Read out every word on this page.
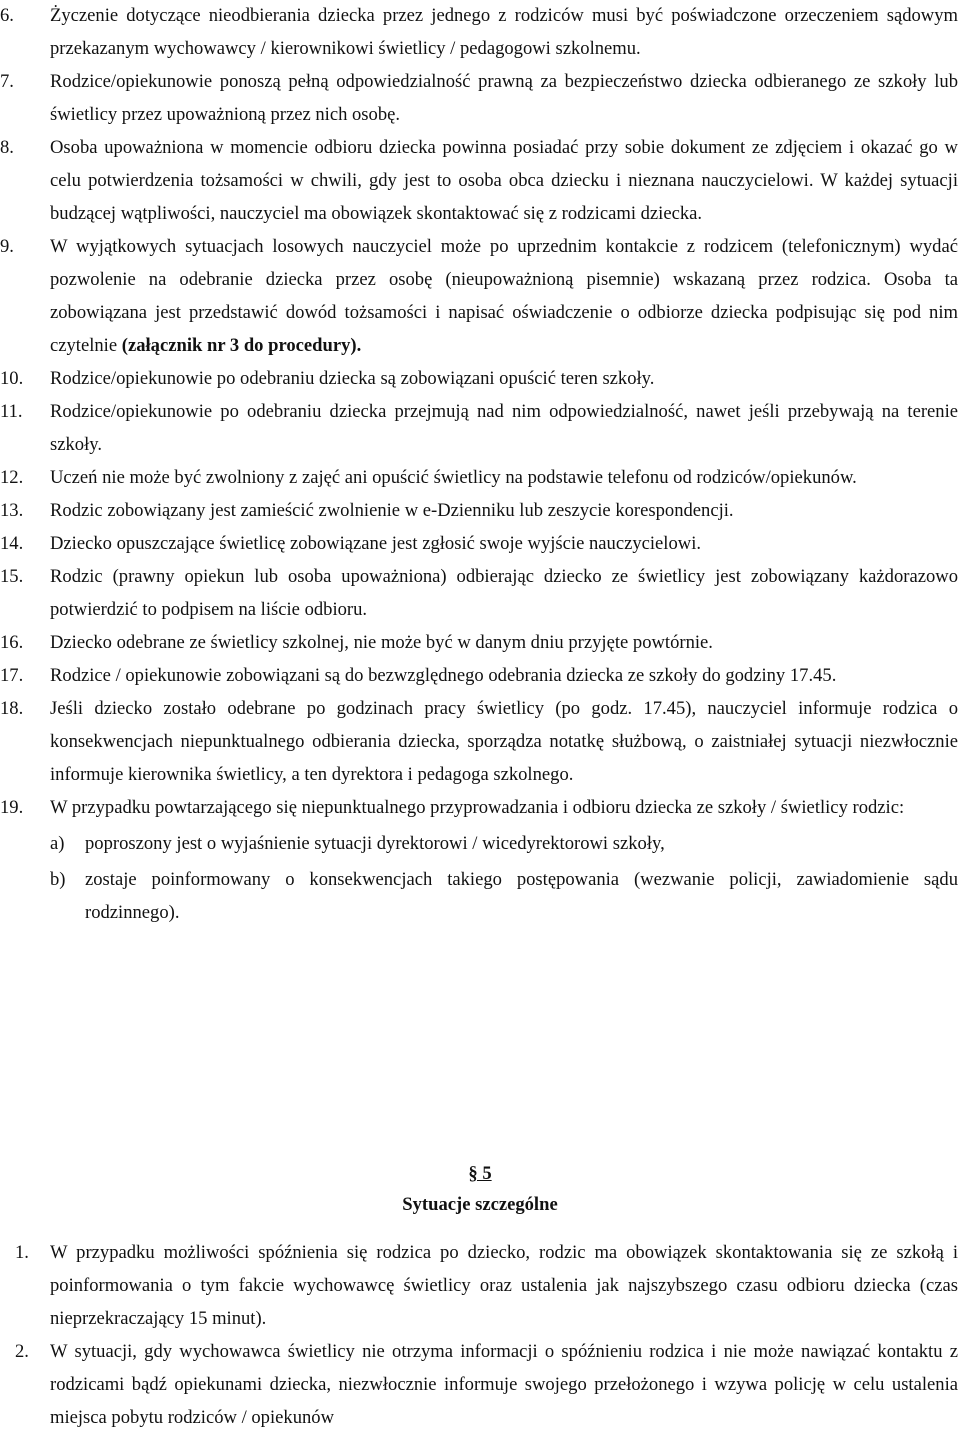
6.	Życzenie dotyczące nieodbierania dziecka przez jednego z rodziców musi być poświadczone orzeczeniem sądowym przekazanym wychowawcy / kierownikowi świetlicy / pedagogowi szkolnemu.
7.	Rodzice/opiekunowie ponoszą pełną odpowiedzialność prawną za bezpieczeństwo dziecka odbieranego ze szkoły lub świetlicy przez upoważnioną przez nich osobę.
8.	Osoba upoważniona w momencie odbioru dziecka powinna posiadać przy sobie dokument ze zdjęciem i okazać go w celu potwierdzenia tożsamości w chwili, gdy jest to osoba obca dziecku i nieznana nauczycielowi. W każdej sytuacji budzącej wątpliwości, nauczyciel ma obowiązek skontaktować się z rodzicami dziecka.
9.	W wyjątkowych sytuacjach losowych nauczyciel może po uprzednim kontakcie z rodzicem (telefonicznym) wydać pozwolenie na odebranie dziecka przez osobę (nieupoważnioną pisemnie) wskazaną przez rodzica. Osoba ta zobowiązana jest przedstawić dowód tożsamości i napisać oświadczenie o odbiorze dziecka podpisując się pod nim czytelnie (załącznik nr 3 do procedury).
10.	Rodzice/opiekunowie po odebraniu dziecka są zobowiązani opuścić teren szkoły.
11.	Rodzice/opiekunowie po odebraniu dziecka przejmują nad nim odpowiedzialność, nawet jeśli przebywają na terenie szkoły.
12.	Uczeń nie może być zwolniony z zajęć ani opuścić świetlicy na podstawie telefonu od rodziców/opiekunów.
13.	Rodzic zobowiązany jest zamieścić zwolnienie w e-Dzienniku lub zeszycie korespondencji.
14.	Dziecko opuszczające świetlicę zobowiązane jest zgłosić swoje wyjście nauczycielowi.
15.	Rodzic (prawny opiekun lub osoba upoważniona) odbierając dziecko ze świetlicy jest zobowiązany każdorazowo potwierdzić to podpisem na liście odbioru.
16.	Dziecko odebrane ze świetlicy szkolnej, nie może być w danym dniu przyjęte powtórnie.
17.	Rodzice / opiekunowie zobowiązani są do bezwzględnego odebrania dziecka ze szkoły do godziny 17.45.
18.	Jeśli dziecko zostało odebrane po godzinach pracy świetlicy (po godz. 17.45), nauczyciel informuje rodzica o konsekwencjach niepunktualnego odbierania dziecka, sporządza notatkę służbową, o zaistniałej sytuacji niezwłocznie informuje kierownika świetlicy, a ten dyrektora i pedagoga szkolnego.
19.	W przypadku powtarzającego się niepunktualnego przyprowadzania i odbioru dziecka ze szkoły / świetlicy rodzic:
a) poproszony jest o wyjaśnienie sytuacji dyrektorowi / wicedyrektorowi szkoły,
b) zostaje poinformowany o konsekwencjach takiego postępowania (wezwanie policji, zawiadomienie sądu rodzinnego).
§ 5
Sytuacje szczególne
1.	W przypadku możliwości spóźnienia się rodzica po dziecko, rodzic ma obowiązek skontaktowania się ze szkołą i poinformowania o tym fakcie wychowawcę świetlicy oraz ustalenia jak najszybszego czasu odbioru dziecka (czas nieprzekraczający 15 minut).
2.	W sytuacji, gdy wychowawca świetlicy nie otrzyma informacji o spóźnieniu rodzica i nie może nawiązać kontaktu z rodzicami bądź opiekunami dziecka, niezwłocznie informuje swojego przełożonego i wzywa policję w celu ustalenia miejsca pobytu rodziców / opiekunów
